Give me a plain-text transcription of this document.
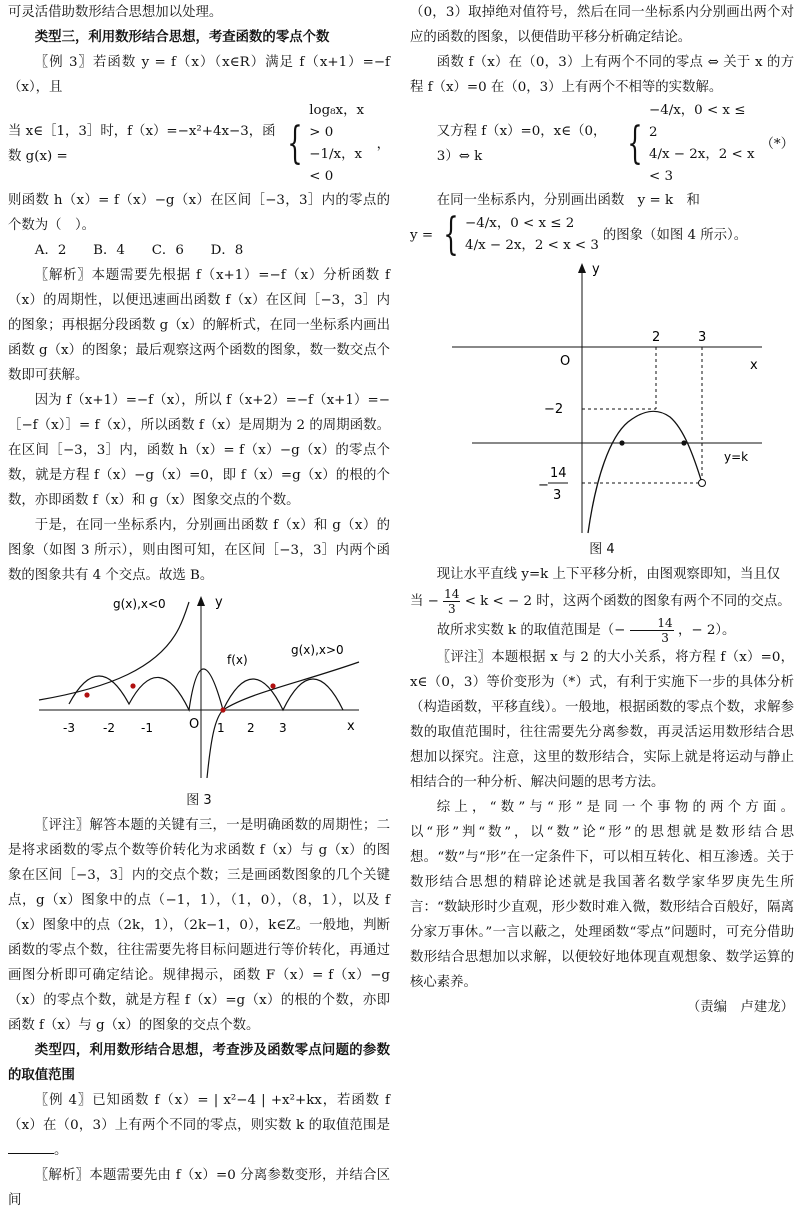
可灵活借助数形结合思想加以处理。

类型三，利用数形结合思想，考查函数的零点个数

〖例 3〗若函数 y = f（x）（x∈R）满足 f（x+1）=−f（x），且

当 x∈［1，3］时，f（x）=−x²+4x−3，函数 g(x) =	{
log₈x，x > 0
−1/x，x < 0
，

则函数 h（x）= f（x）−g（x）在区间［−3，3］内的零点的个数为（　）。

A．2　　B．4　　C．6　　D．8

〖解析〗本题需要先根据 f（x+1）=−f（x）分析函数 f（x）的周期性，以便迅速画出函数 f（x）在区间［−3，3］内的图象；再根据分段函数 g（x）的解析式，在同一坐标系内画出函数 g（x）的图象；最后观察这两个函数的图象，数一数交点个数即可获解。

因为 f（x+1）=−f（x），所以 f（x+2）=−f（x+1）=−［−f（x）］= f（x），所以函数 f（x）是周期为 2 的周期函数。在区间［−3，3］内，函数 h（x）= f（x）−g（x）的零点个数，就是方程 f（x）−g（x）=0，即 f（x）=g（x）的根的个数，亦即函数 f（x）和 g（x）图象交点的个数。

于是，在同一坐标系内，分别画出函数 f（x）和 g（x）的图象（如图 3 所示），则由图可知，在区间［−3，3］内两个函数的图象共有 4 个交点。故选 B。

y
x
O
g(x),x<0
g(x),x>0
f(x)
-3 -2 -1	1 2 3
图 3

〖评注〗解答本题的关键有三，一是明确函数的周期性；二是将求函数的零点个数等价转化为求函数 f（x）与 g（x）的图象在区间［−3，3］内的交点个数；三是画函数图象的几个关键点，g（x）图象中的点（−1，1），（1，0），（8，1），以及 f（x）图象中的点（2k，1），（2k−1，0），k∈Z。一般地，判断函数的零点个数，往往需要先将目标问题进行等价转化，再通过画图分析即可确定结论。规律揭示，函数 F（x）= f（x）−g（x）的零点个数，就是方程 f（x）=g（x）的根的个数，亦即函数 f（x）与 g（x）的图象的交点个数。

类型四，利用数形结合思想，考查涉及函数零点问题的参数的取值范围

〖例 4〗已知函数 f（x）= | x²−4 | +x²+kx，若函数 f（x）在（0，3）上有两个不同的零点，则实数 k 的取值范围是。

〖解析〗本题需要先由 f（x）=0 分离参数变形，并结合区间

（0，3）取掉绝对值符号，然后在同一坐标系内分别画出两个对应的函数的图象，以便借助平移分析确定结论。

函数 f（x）在（0，3）上有两个不同的零点 ⇔ 关于 x 的方程 f（x）=0 在（0，3）上有两个不相等的实数解。

又方程 f（x）=0，x∈（0，3）⇔ k	{
−4/x，0 < x ≤ 2
4/x − 2x，2 < x < 3
（*）

在同一坐标系内，分别画出函数　y = k　和

y = { −4/x，0 < x ≤ 2
4/x − 2x，2 < x < 3
的图象（如图 4 所示）。
y
x
O
2	3
−2
−
14
3
y=k
图 4

现让水平直线 y=k 上下平移分析，由图观察即知，当且仅

当 − $\frac{14}{3} < k$ < − 2 时，这两个函数的图象有两个不同的交点。

故所求实数 k 的取值范围是（− $\frac{14}{3}$ ，− 2）。

〖评注〗本题根据 x 与 2 的大小关系，将方程 f（x）=0，x∈（0，3）等价变形为（*）式，有利于实施下一步的具体分析（构造函数，平移直线）。一般地，根据函数的零点个数，求解参数的取值范围时，往往需要先分离参数，再灵活运用数形结合思想加以探究。注意，这里的数形结合，实际上就是将运动与静止相结合的一种分析、解决问题的思考方法。

综上，“数”与“形”是同一个事物的两个方面。以“形”判“数”，以“数”论“形”的思想就是数形结合思想。“数”与“形”在一定条件下，可以相互转化、相互渗透。关于数形结合思想的精辟论述就是我国著名数学家华罗庚先生所言：“数缺形时少直观，形少数时难入微，数形结合百般好，隔离分家万事休。”一言以蔽之，处理函数“零点”问题时，可充分借助数形结合思想加以求解，以便较好地体现直观想象、数学运算的核心素养。

（责编　卢建龙）
